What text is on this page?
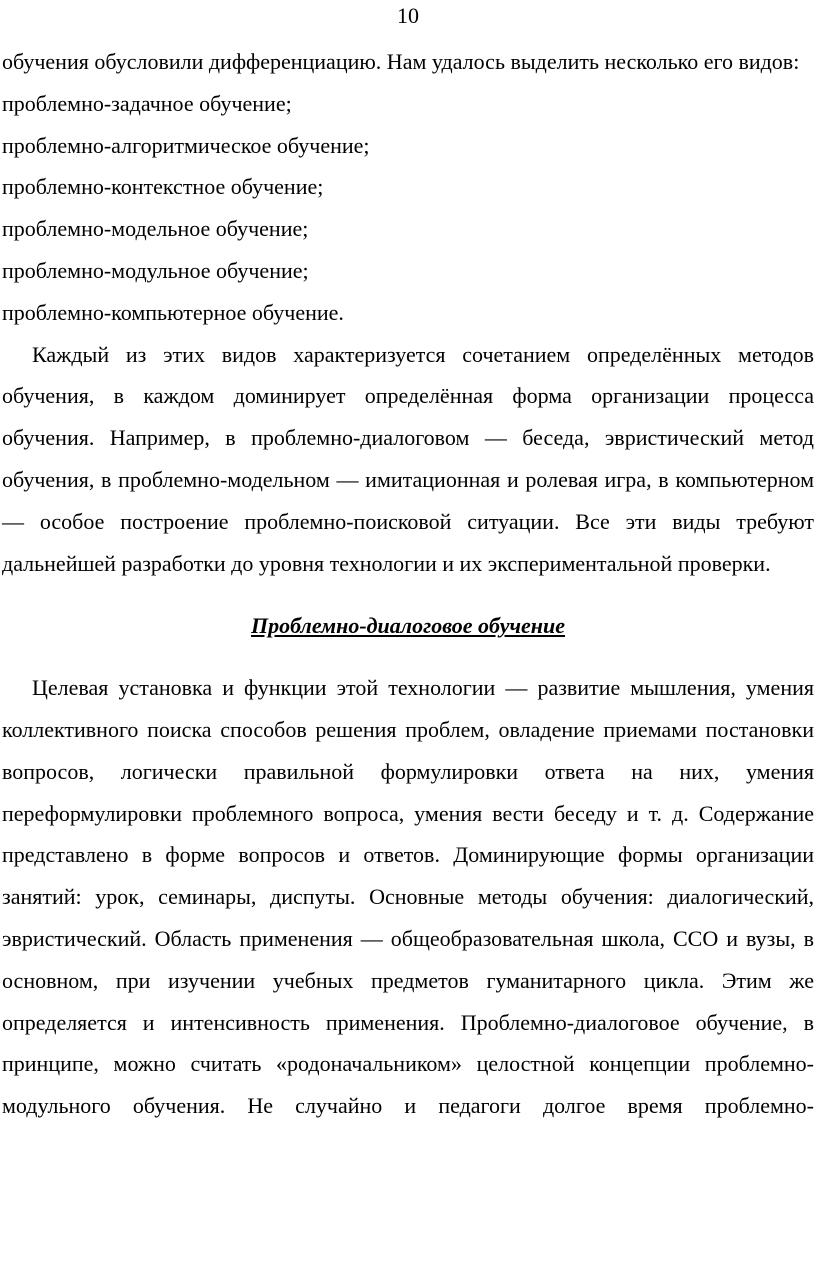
10

обучения обусловили дифференциацию. Нам удалось выделить несколько его видов:

проблемно-задачное обучение;

проблемно-алгоритмическое обучение;

проблемно-контекстное обучение;

проблемно-модельное обучение;

проблемно-модульное обучение;

проблемно-компьютерное обучение.

Каждый из этих видов характеризуется сочетанием определённых методов обучения, в каждом доминирует определённая форма организации процесса обучения. Например, в проблемно-диалоговом — беседа, эвристический метод обучения, в проблемно-модельном — имитационная и ролевая игра, в компьютерном— особое построение проблемно-поисковой ситуации. Все эти виды требуют дальнейшей разработки до уровня технологии и их экспериментальной проверки.

Проблемно-диалоговое обучение

Целевая установка и функции этой технологии — развитие мышления, умения коллективного поиска способов решения проблем, овладение приемами постановки вопросов, логически правильной формулировки ответа на них, умения переформулировки проблемного вопроса, умения вести беседу и т. д. Содержание представлено в форме вопросов и ответов. Доминирующие формы организации занятий: урок, семинары, диспуты. Основные методы обучения: диалогический, эвристический. Область применения — общеобразовательная школа, ССО и вузы, в основном, при изучении учебных предметов гуманитарного цикла. Этим же определяется и интенсивность применения. Проблемно-диалоговое обучение, в принципе, можно считать «родоначальником» целостной концепции проблемно-модульного обучения. Не случайно и педагоги долгое время проблемно-
